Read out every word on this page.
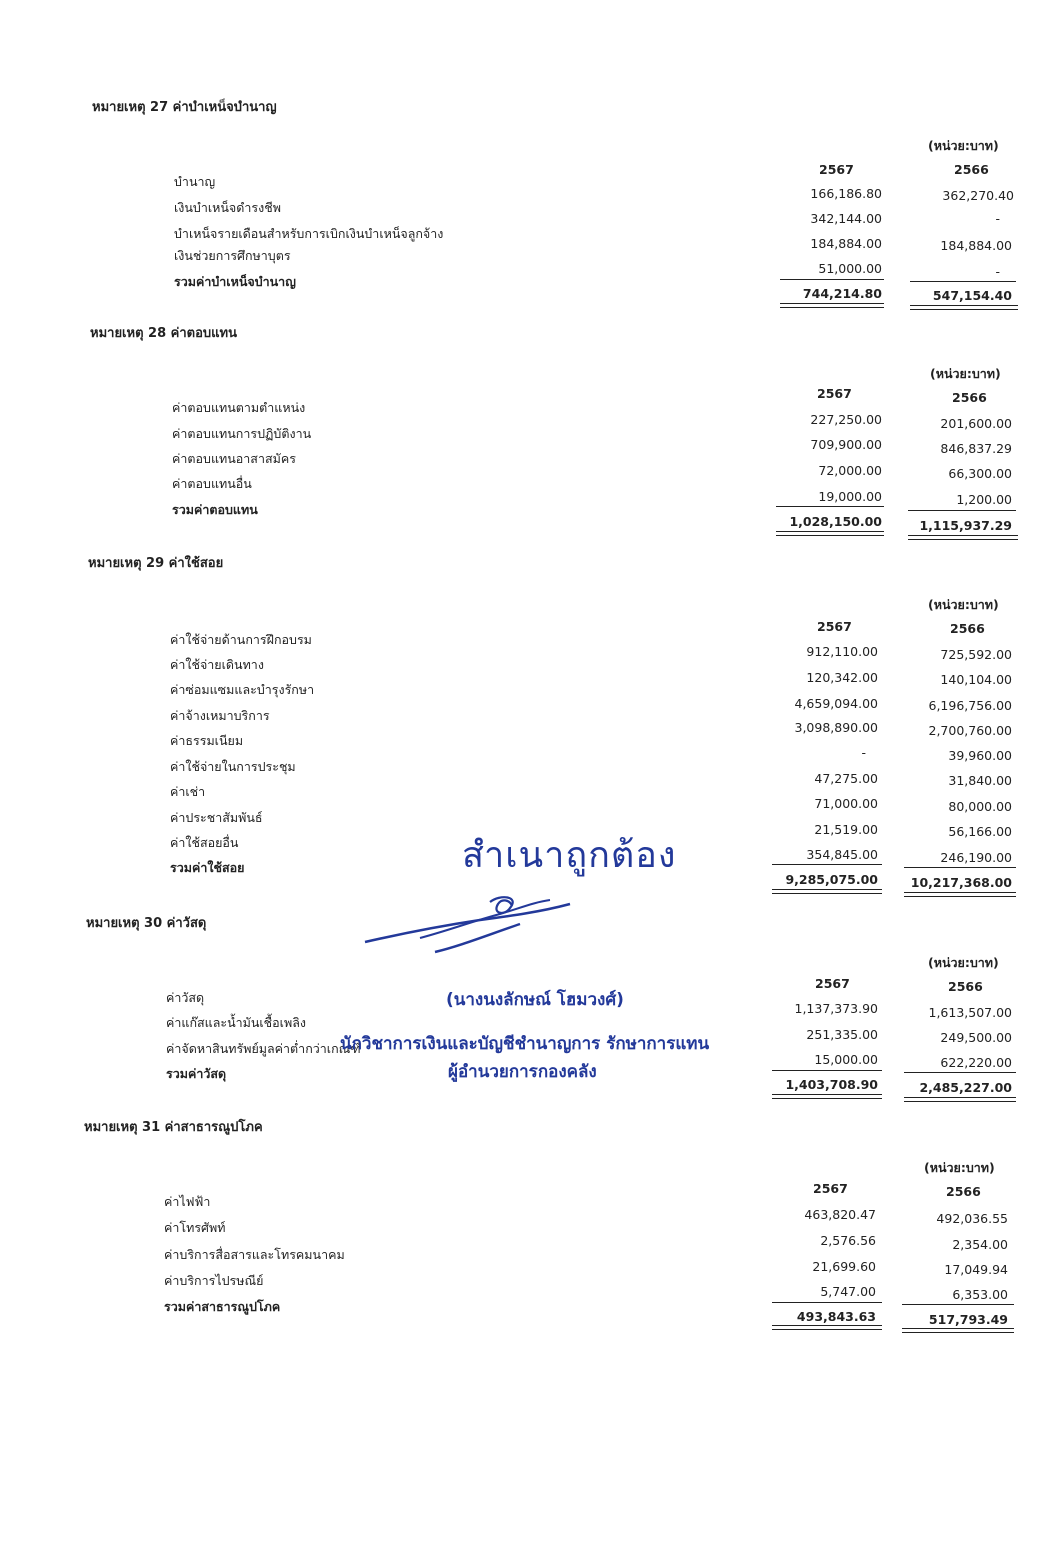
หมายเหตุ 27 ค่าบำเหน็จบำนาญ
(หน่วย:บาท)
2567	2566
บำนาญ
166,186.80	362,270.40
เงินบำเหน็จดำรงชีพ
342,144.00	-
บำเหน็จรายเดือนสำหรับการเบิกเงินบำเหน็จลูกจ้าง
184,884.00	184,884.00
เงินช่วยการศึกษาบุตร
51,000.00	-
รวมค่าบำเหน็จบำนาญ
744,214.80	547,154.40
หมายเหตุ 28 ค่าตอบแทน
(หน่วย:บาท)
2567	2566
ค่าตอบแทนตามตำแหน่ง
227,250.00	201,600.00
ค่าตอบแทนการปฏิบัติงาน
709,900.00	846,837.29
ค่าตอบแทนอาสาสมัคร
72,000.00	66,300.00
ค่าตอบแทนอื่น
19,000.00	1,200.00
รวมค่าตอบแทน
1,028,150.00	1,115,937.29
หมายเหตุ 29 ค่าใช้สอย
(หน่วย:บาท)
2567	2566
ค่าใช้จ่ายด้านการฝึกอบรม
912,110.00	725,592.00
ค่าใช้จ่ายเดินทาง
120,342.00	140,104.00
ค่าซ่อมแซมและบำรุงรักษา
4,659,094.00	6,196,756.00
ค่าจ้างเหมาบริการ
3,098,890.00	2,700,760.00
ค่าธรรมเนียม
-	39,960.00
ค่าใช้จ่ายในการประชุม
47,275.00	31,840.00
ค่าเช่า
71,000.00	80,000.00
ค่าประชาสัมพันธ์
21,519.00	56,166.00
ค่าใช้สอยอื่น
354,845.00	246,190.00
รวมค่าใช้สอย
9,285,075.00	10,217,368.00
หมายเหตุ 30 ค่าวัสดุ
(หน่วย:บาท)
2567	2566
ค่าวัสดุ
1,137,373.90	1,613,507.00
ค่าแก๊สและน้ำมันเชื้อเพลิง
251,335.00	249,500.00
ค่าจัดหาสินทรัพย์มูลค่าต่ำกว่าเกณฑ์
15,000.00	622,220.00
รวมค่าวัสดุ
1,403,708.90	2,485,227.00
หมายเหตุ 31 ค่าสาธารณูปโภค
(หน่วย:บาท)
2567	2566
ค่าไฟฟ้า
463,820.47	492,036.55
ค่าโทรศัพท์
2,576.56	2,354.00
ค่าบริการสื่อสารและโทรคมนาคม
21,699.60	17,049.94
ค่าบริการไปรษณีย์
5,747.00	6,353.00
รวมค่าสาธารณูปโภค
493,843.63	517,793.49
สำเนาถูกต้อง
(นางนงลักษณ์ โฮมวงศ์)
นักวิชาการเงินและบัญชีชำนาญการ รักษาการแทน
ผู้อำนวยการกองคลัง
